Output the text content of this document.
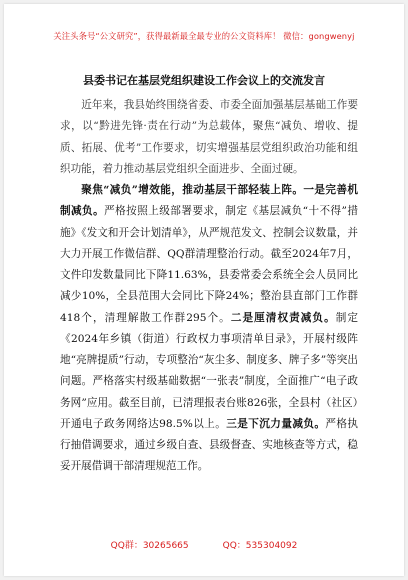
关注头条号“公文研究”，获得最新最全最专业的公文资料库！ 微信：gongwenyj
县委书记在基层党组织建设工作会议上的交流发言

近年来，我县始终围绕省委、市委全面加强基层基础工作要求，以“黔进先锋·责在行动”为总载体，聚焦“减负、增收、提质、拓展、优考”工作要求，切实增强基层党组织政治功能和组织功能，着力推动基层党组织全面进步、全面过硬。

聚焦“减负”增效能，推动基层干部轻装上阵。一是完善机制减负。严格按照上级部署要求，制定《基层减负“十不得”措施》《发文和开会计划清单》，从严规范发文、控制会议数量，并大力开展工作微信群、QQ群清理整治行动。截至2024年7月，文件印发数量同比下降11.63%，县委常委会系统全会人员同比减少10%，全县范围大会同比下降24%；整治县直部门工作群418个，清理解散工作群295个。二是厘清权责减负。制定《2024年乡镇（街道）行政权力事项清单目录》，开展村级阵地“亮牌提质”行动，专项整治“灰尘多、制度多、牌子多”等突出问题。严格落实村级基础数据“一张表”制度，全面推广“电子政务网”应用。截至目前，已清理报表台账826张，全县村（社区）开通电子政务网络达98.5%以上。三是下沉力量减负。严格执行抽借调要求，通过乡级自查、县级督查、实地核查等方式，稳妥开展借调干部清理规范工作。

QQ群：30265665	QQ：535304092
